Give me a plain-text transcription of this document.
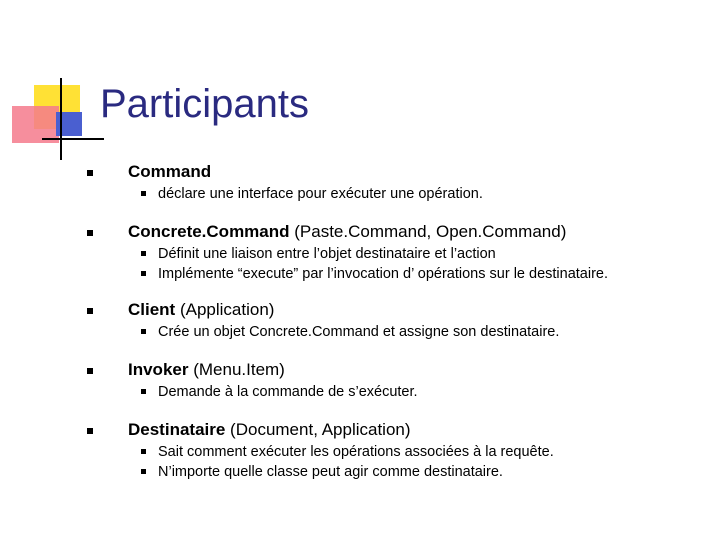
Participants
Command
déclare une interface pour exécuter une opération.
Concrete.Command (Paste.Command, Open.Command)
Définit une liaison entre l’objet destinataire et l’action
Implémente “execute” par l’invocation d’ opérations sur le destinataire.
Client (Application)
Crée un objet Concrete.Command et assigne son destinataire.
Invoker (Menu.Item)
Demande à la commande de s’exécuter.
Destinataire (Document, Application)
Sait comment exécuter les opérations associées à la requête.
N’importe quelle classe peut agir comme destinataire.
